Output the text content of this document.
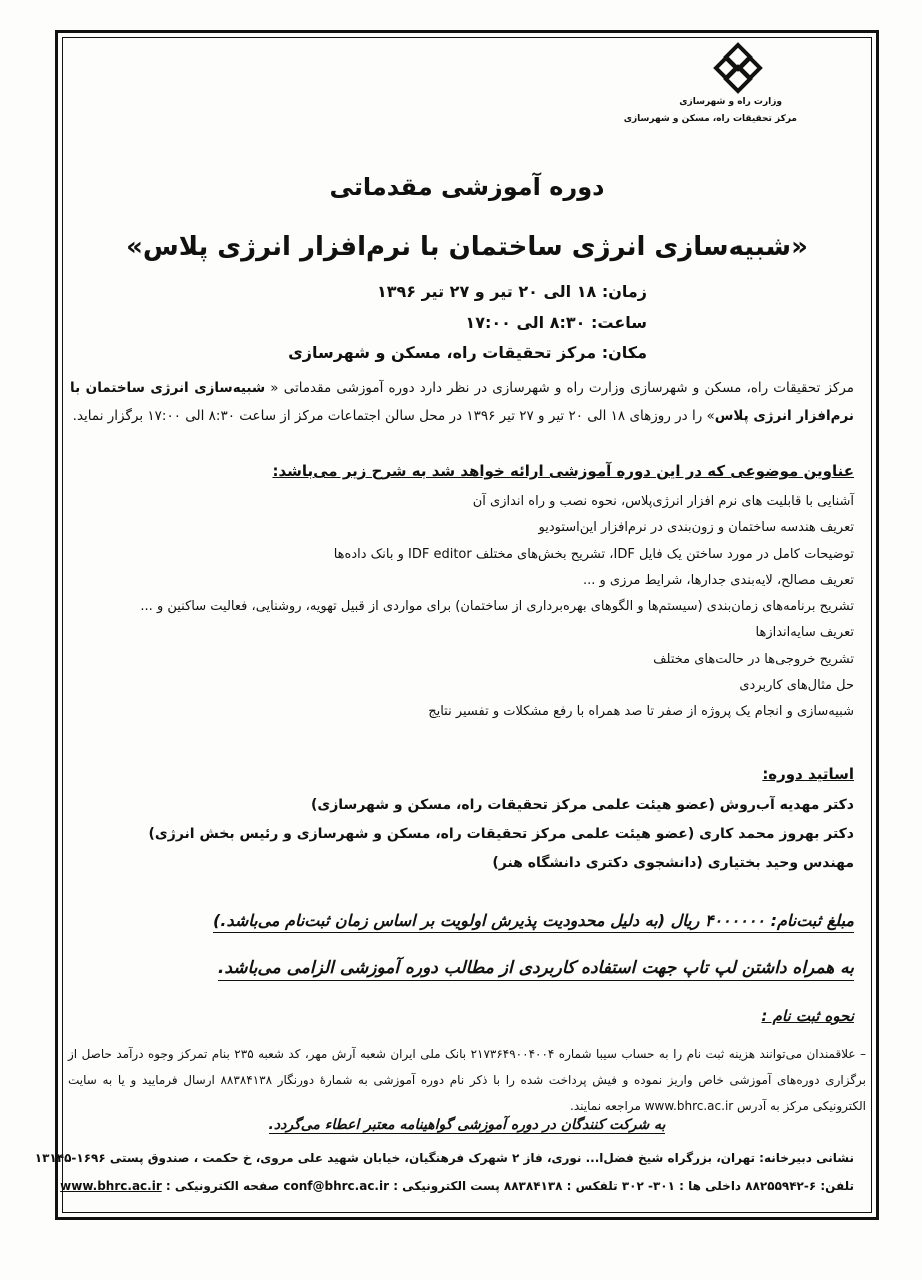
وزارت راه و شهرسازی
مرکز تحقیقات راه، مسکن و شهرسازی
دوره آموزشی مقدماتی
«شبیه‌سازی انرژی ساختمان با نرم‌افزار انرژی پلاس»
زمان: ۱۸ الی ۲۰ تیر و ۲۷ تیر ۱۳۹۶
ساعت: ۸:۳۰ الی ۱۷:۰۰
مکان: مرکز تحقیقات راه، مسکن و شهرسازی
مرکز تحقیقات راه، مسکن و شهرسازی وزارت راه و شهرسازی در نظر دارد دوره آموزشی مقدماتی « شبیه‌سازی انرژی ساختمان با نرم‌افزار انرژی پلاس» را در روزهای ۱۸ الی ۲۰ تیر و ۲۷ تیر ۱۳۹۶ در محل سالن اجتماعات مرکز از ساعت ۸:۳۰ الی ۱۷:۰۰ برگزار نماید.
عناوین موضوعی که در این دوره آموزشی ارائه خواهد شد به شرح زیر می‌باشد:
آشنایی با قابلیت های نرم افزار انرژی‌پلاس، نحوه نصب و راه اندازی آن
تعریف هندسه ساختمان و زون‌بندی در نرم‌افزار این‌استودیو
توضیحات کامل در مورد ساختن یک فایل IDF، تشریح بخش‌های مختلف IDF editor و بانک داده‌ها
تعریف مصالح، لایه‌بندی جدارها، شرایط مرزی و ...
تشریح برنامه‌های زمان‌بندی (سیستم‌ها و الگوهای بهره‌برداری از ساختمان) برای مواردی از قبیل تهویه، روشنایی، فعالیت ساکنین و ...
تعریف سایه‌اندازها
تشریح خروجی‌ها در حالت‌های مختلف
حل مثال‌های کاربردی
شبیه‌سازی و انجام یک پروژه از صفر تا صد همراه با رفع مشکلات و تفسیر نتایج
اساتید دوره:
دکتر مهدیه آب‌روش (عضو هیئت علمی مرکز تحقیقات راه، مسکن و شهرسازی)
دکتر بهروز محمد کاری (عضو هیئت علمی مرکز تحقیقات راه، مسکن و شهرسازی و رئیس بخش انرژی)
مهندس وحید بختیاری (دانشجوی دکتری دانشگاه هنر)
مبلغ ثبت‌نام: ۴۰۰۰۰۰۰ ریال (به دلیل محدودیت پذیرش اولویت بر اساس زمان ثبت‌نام می‌باشد.)
به همراه داشتن لپ تاپ جهت استفاده کاربردی از مطالب دوره آموزشی الزامی می‌باشد.
نحوه ثبت نام :
– علاقمندان می‌توانند هزینه ثبت نام را به حساب سیبا شماره ۲۱۷۳۶۴۹۰۰۴۰۰۴ بانک ملی ایران شعبه آرش مهر، کد شعبه ۲۳۵ بنام تمرکز وجوه درآمد حاصل از برگزاری دوره‌های آموزشی خاص واریز نموده و فیش پرداخت شده را با ذکر نام دوره آموزشی به شمارهٔ دورنگار ۸۸۳۸۴۱۳۸ ارسال فرمایید و یا به سایت الکترونیکی مرکز به آدرس www.bhrc.ac.ir مراجعه نمایند.
به شرکت کنندگان در دوره آموزشی گواهینامه معتبر اعطاء می‌گردد.
نشانی دبیرخانه: تهران، بزرگراه شیخ فضل‌ا... نوری، فاز ۲ شهرک فرهنگیان، خیابان شهید علی مروی، خ حکمت ، صندوق پستی ۱۶۹۶-۱۳۱۴۵
تلفن: ۶-۸۸۲۵۵۹۴۲ داخلی ها : ۳۰۱- ۳۰۲ تلفکس : ۸۸۳۸۴۱۳۸ پست الکترونیکی : conf@bhrc.ac.ir صفحه الکترونیکی : www.bhrc.ac.ir
